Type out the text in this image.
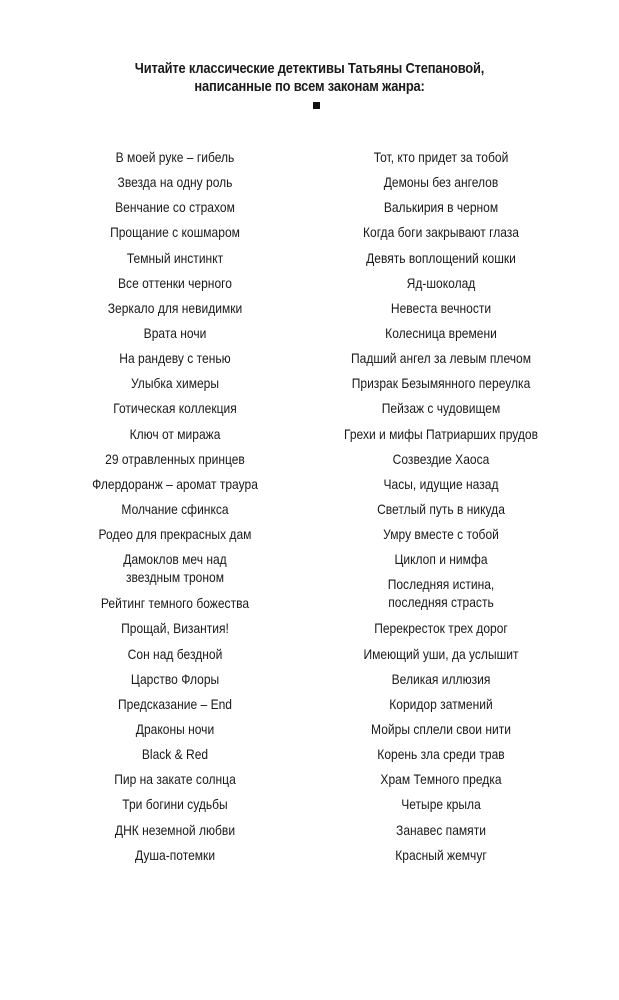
Читайте классические детективы Татьяны Степановой,
написанные по всем законам жанра:
В моей руке – гибель
Звезда на одну роль
Венчание со страхом
Прощание с кошмаром
Темный инстинкт
Все оттенки черного
Зеркало для невидимки
Врата ночи
На рандеву с тенью
Улыбка химеры
Готическая коллекция
Ключ от миража
29 отравленных принцев
Флердоранж – аромат траура
Молчание сфинкса
Родео для прекрасных дам
Дамоклов меч над
звездным троном
Рейтинг темного божества
Прощай, Византия!
Сон над бездной
Царство Флоры
Предсказание – End
Драконы ночи
Black & Red
Пир на закате солнца
Три богини судьбы
ДНК неземной любви
Душа-потемки
Тот, кто придет за тобой
Демоны без ангелов
Валькирия в черном
Когда боги закрывают глаза
Девять воплощений кошки
Яд-шоколад
Невеста вечности
Колесница времени
Падший ангел за левым плечом
Призрак Безымянного переулка
Пейзаж с чудовищем
Грехи и мифы Патриарших прудов
Созвездие Хаоса
Часы, идущие назад
Светлый путь в никуда
Умру вместе с тобой
Циклоп и нимфа
Последняя истина,
последняя страсть
Перекресток трех дорог
Имеющий уши, да услышит
Великая иллюзия
Коридор затмений
Мойры сплели свои нити
Корень зла среди трав
Храм Темного предка
Четыре крыла
Занавес памяти
Красный жемчуг
